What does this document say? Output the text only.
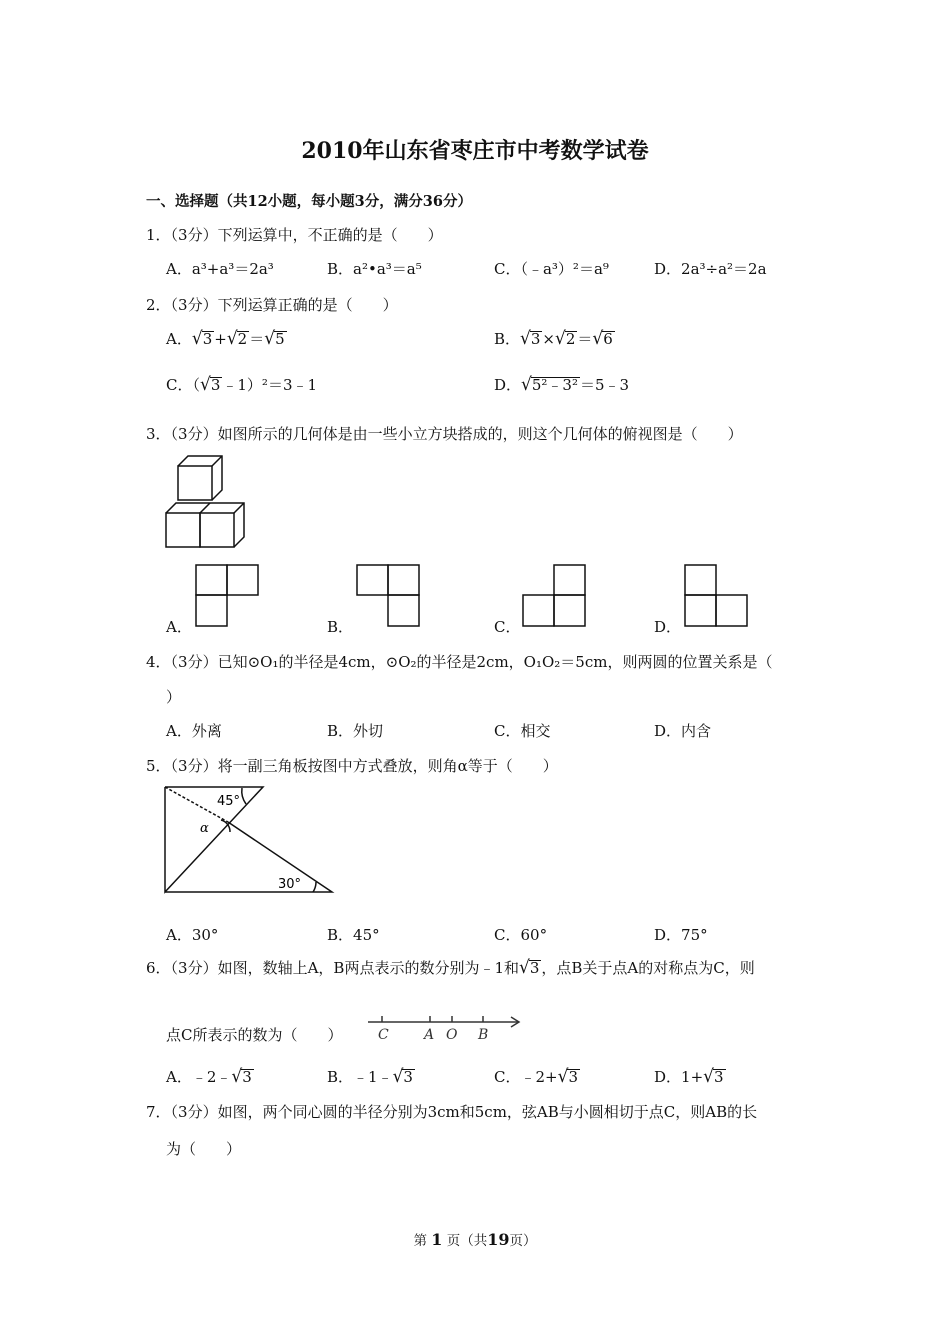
2010年山东省枣庄市中考数学试卷
一、选择题（共12小题，每小题3分，满分36分）
1．（3分）下列运算中，不正确的是（　　）
A．a³+a³＝2a³	B．a²•a³＝a⁵	C．（﹣a³）²＝a⁹	D．2a³÷a²＝2a
2．（3分）下列运算正确的是（　　）
A．√3 +√2 ＝√5	B．√3 ×√2 ＝√6
C．（√3 ﹣1）²＝3﹣1	D．√5²﹣3² ＝5﹣3
3．（3分）如图所示的几何体是由一些小立方块搭成的，则这个几何体的俯视图是（　　）
A．	B．	C．	D．
4．（3分）已知⊙O₁的半径是4cm，⊙O₂的半径是2cm，O₁O₂＝5cm，则两圆的位置关系是（
）
A．外离	B．外切	C．相交	D．内含
5．（3分）将一副三角板按图中方式叠放，则角α等于（　　）
45°
α
30°
A．30°	B．45°	C．60°	D．75°
6．（3分）如图，数轴上A，B两点表示的数分别为﹣1和√3 ，点B关于点A的对称点为C，则
点C所表示的数为（　　）	C	A O B
A．﹣2﹣√3	B．﹣1﹣√3	C．﹣2+√3	D．1+√3
7．（3分）如图，两个同心圆的半径分别为3cm和5cm，弦AB与小圆相切于点C，则AB的长
为（　　）
第 1 页（共19页）
